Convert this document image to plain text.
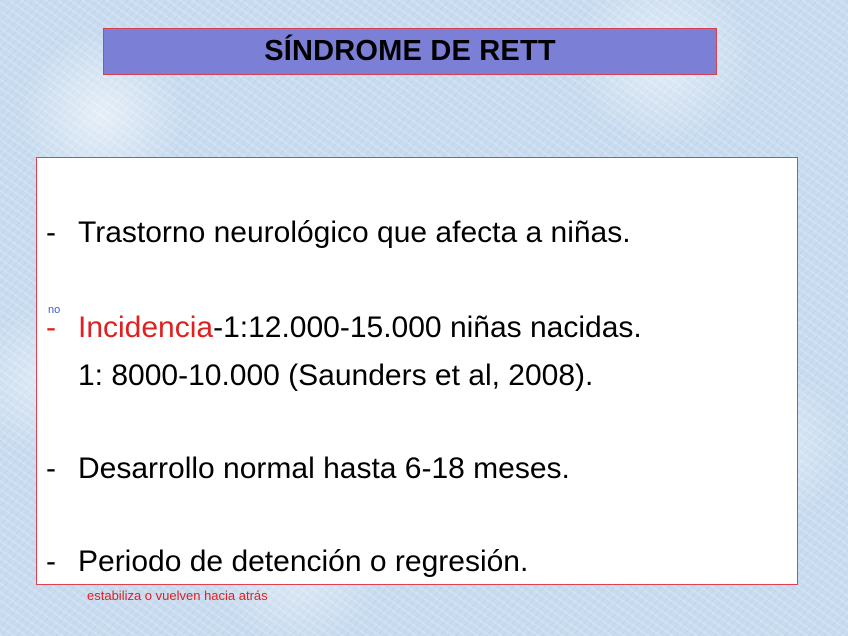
SÍNDROME DE RETT
- Trastorno neurológico que afecta a niñas.
no
- Incidencia-1:12.000-15.000 niñas nacidas.
1: 8000-10.000 (Saunders et al, 2008).
- Desarrollo normal hasta 6-18 meses.
- Periodo de detención o regresión.
estabiliza o vuelven hacia atrás
